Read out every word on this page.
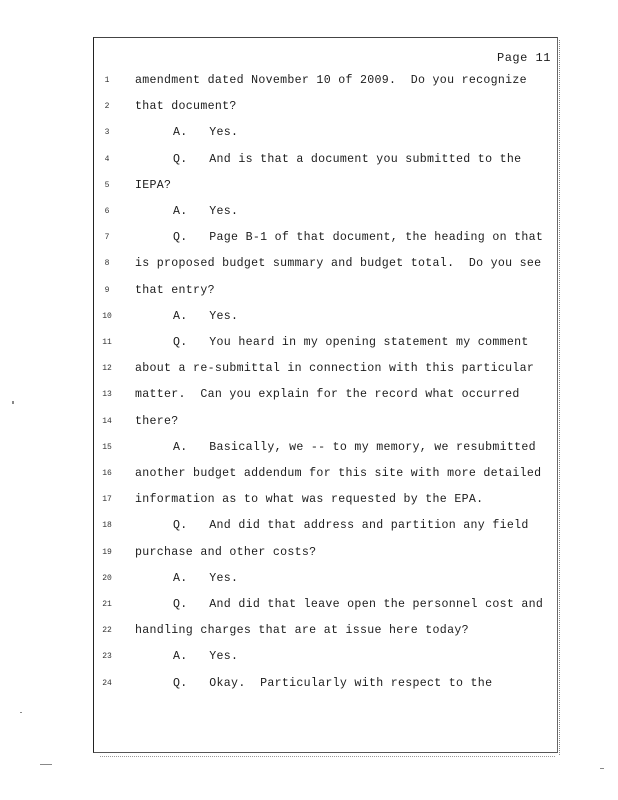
Page 11
1	amendment dated November 10 of 2009.  Do you recognize
2	that document?
3	A.   Yes.
4	Q.   And is that a document you submitted to the
5	IEPA?
6	A.   Yes.
7	Q.   Page B-1 of that document, the heading on that
8	is proposed budget summary and budget total.  Do you see
9	that entry?
10	A.   Yes.
11	Q.   You heard in my opening statement my comment
12	about a re-submittal in connection with this particular
13	matter.  Can you explain for the record what occurred
14	there?
15	A.   Basically, we -- to my memory, we resubmitted
16	another budget addendum for this site with more detailed
17	information as to what was requested by the EPA.
18	Q.   And did that address and partition any field
19	purchase and other costs?
20	A.   Yes.
21	Q.   And did that leave open the personnel cost and
22	handling charges that are at issue here today?
23	A.   Yes.
24	Q.   Okay.  Particularly with respect to the
